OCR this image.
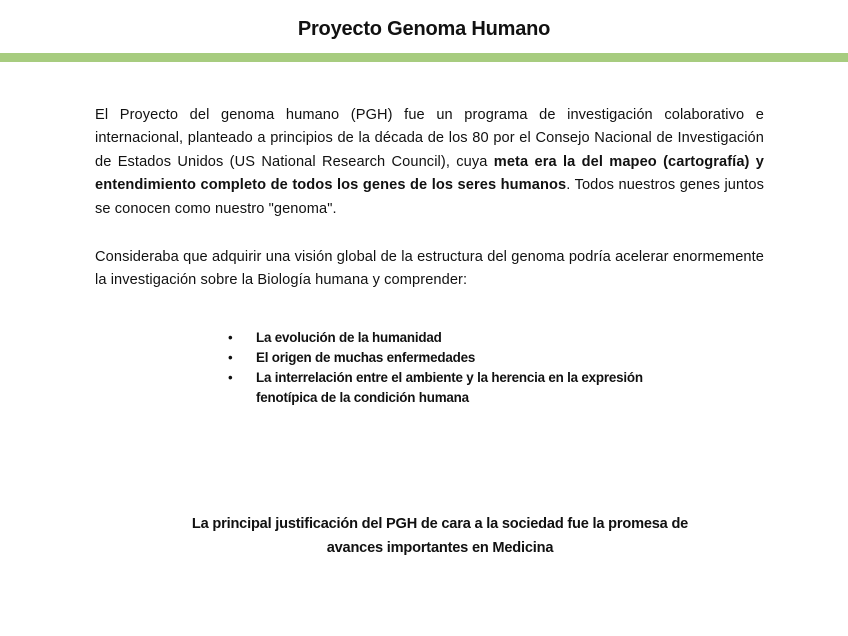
Proyecto Genoma Humano
El Proyecto del genoma humano (PGH) fue un programa de investigación colaborativo e internacional, planteado a principios de la década de los 80 por el Consejo Nacional de Investigación de Estados Unidos (US National Research Council), cuya meta era la del mapeo (cartografía) y entendimiento completo de todos los genes de los seres humanos. Todos nuestros genes juntos se conocen como nuestro "genoma".
Consideraba que adquirir una visión global de la estructura del genoma podría acelerar enormemente la investigación sobre la Biología humana y comprender:
• La evolución de la humanidad
• El origen de muchas enfermedades
• La interrelación entre el ambiente y la herencia en la expresión fenotípica de la condición humana
La principal justificación del PGH de cara a la sociedad fue la promesa de
avances importantes en Medicina
